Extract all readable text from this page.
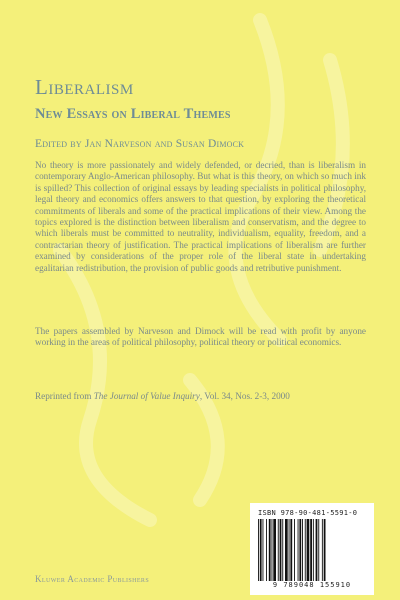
Liberalism
New Essays on Liberal Themes

Edited by Jan Narveson and Susan Dimock

No theory is more passionately and widely defended, or decried, than is liberalism in contemporary Anglo-American philosophy. But what is this theory, on which so much ink is spilled? This collection of original essays by leading specialists in political philosophy, legal theory and economics offers answers to that question, by exploring the theoretical commitments of liberals and some of the practical implications of their view. Among the topics explored is the distinction between liberalism and conservatism, and the degree to which liberals must be committed to neutrality, individualism, equality, freedom, and a contractarian theory of justification. The practical implications of liberalism are further examined by considerations of the proper role of the liberal state in undertaking egalitarian redistribution, the provision of public goods and retributive punishment.

The papers assembled by Narveson and Dimock will be read with profit by anyone working in the areas of political philosophy, political theory or political economics.

Reprinted from The Journal of Value Inquiry, Vol. 34, Nos. 2-3, 2000

ISBN 978-90-481-5591-0

9 789048 155910

Kluwer Academic Publishers
